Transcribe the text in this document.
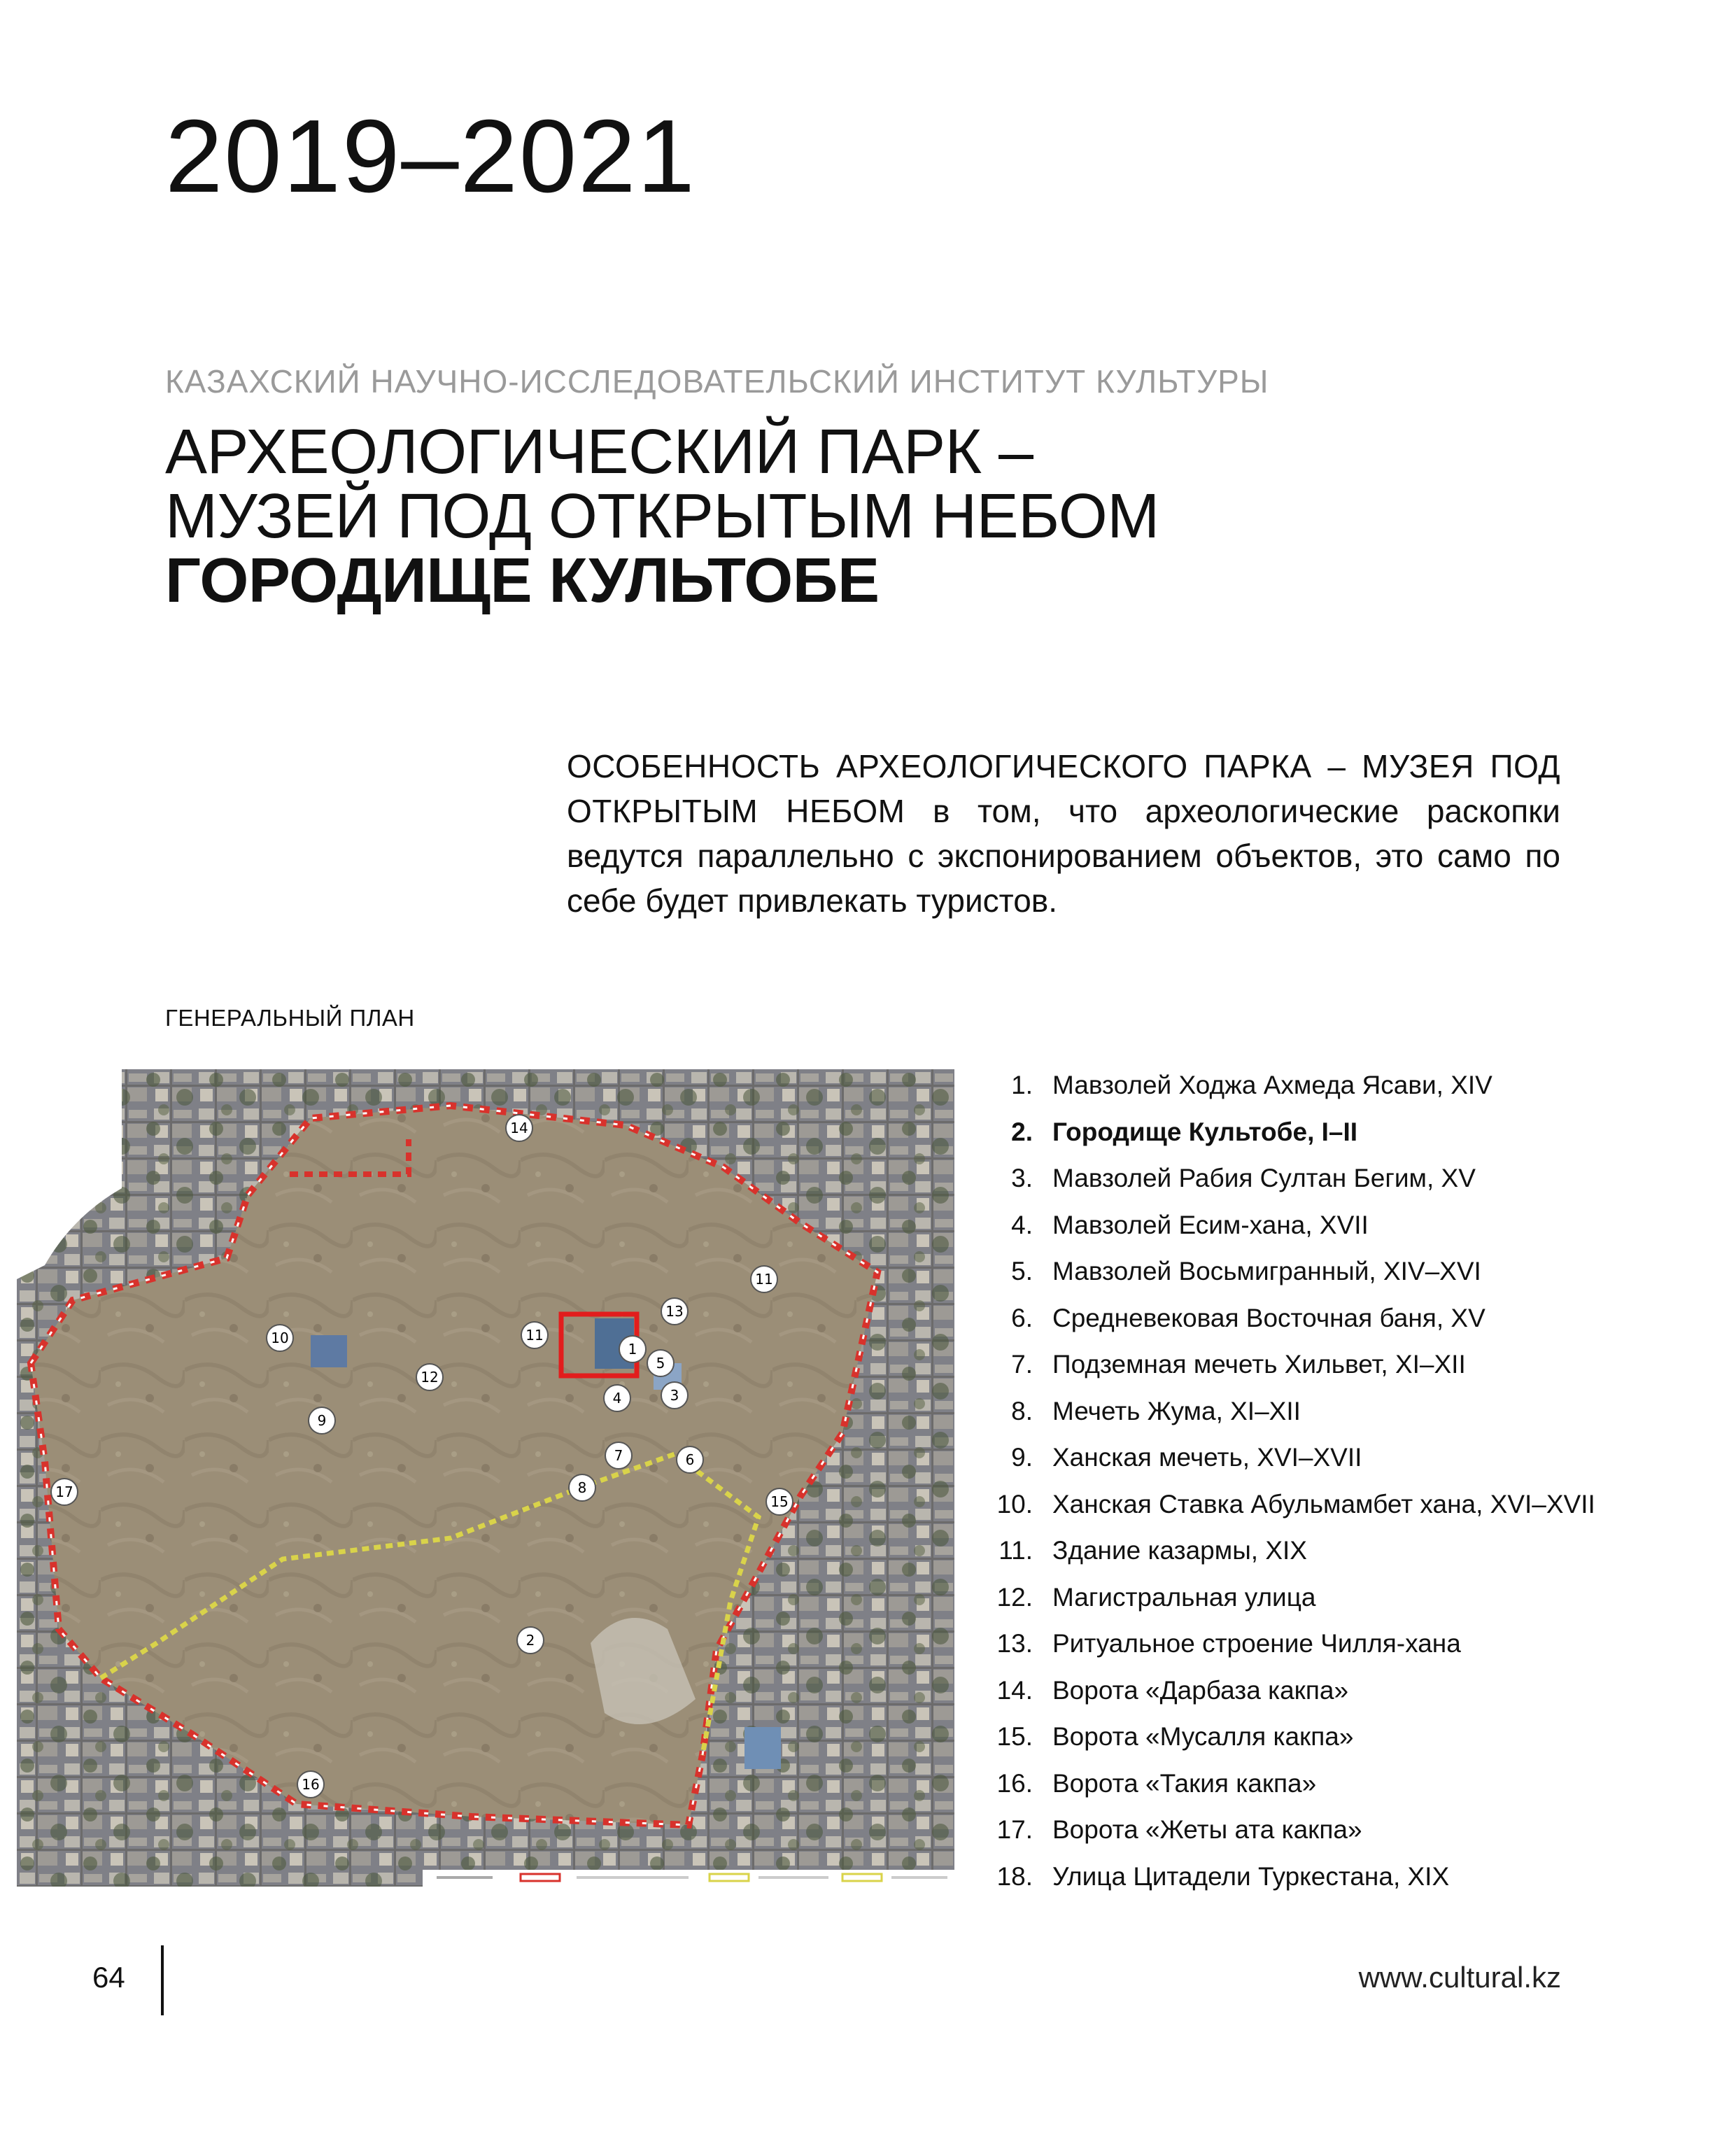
2019–2021
КАЗАХСКИЙ НАУЧНО-ИССЛЕДОВАТЕЛЬСКИЙ ИНСТИТУТ КУЛЬТУРЫ
АРХЕОЛОГИЧЕСКИЙ ПАРК –
МУЗЕЙ ПОД ОТКРЫТЫМ НЕБОМ
ГОРОДИЩЕ КУЛЬТОБЕ

ОСОБЕННОСТЬ АРХЕОЛОГИЧЕСКОГО ПАРКА – МУЗЕЯ ПОД ОТКРЫТЫМ НЕБОМ в том, что археологические раскопки ведутся параллельно с экспонированием объектов, это само по себе будет привлекать туристов.

ГЕНЕРАЛЬНЫЙ ПЛАН
1
2
3
4
5
6
7
8
9
10
11
11
12
13
14
15
16
17
1. Мавзолей Ходжа Ахмеда Ясави, XIV
2. Городище Культобе, I–II
3. Мавзолей Рабия Султан Бегим, XV
4. Мавзолей Есим-хана, XVII
5. Мавзолей Восьмигранный, XIV–XVI
6. Средневековая Восточная баня, XV
7. Подземная мечеть Хильвет, XI–XII
8. Мечеть Жума, XI–XII
9. Ханская мечеть, XVI–XVII
10. Ханская Ставка Абульмамбет хана, XVI–XVII
11. Здание казармы, XIX
12. Магистральная улица
13. Ритуальное строение Чилля-хана
14. Ворота «Дарбаза какпа»
15. Ворота «Мусалля какпа»
16. Ворота «Такия какпа»
17. Ворота «Жеты ата какпа»
18. Улица Цитадели Туркестана, XIX
64	www.cultural.kz
